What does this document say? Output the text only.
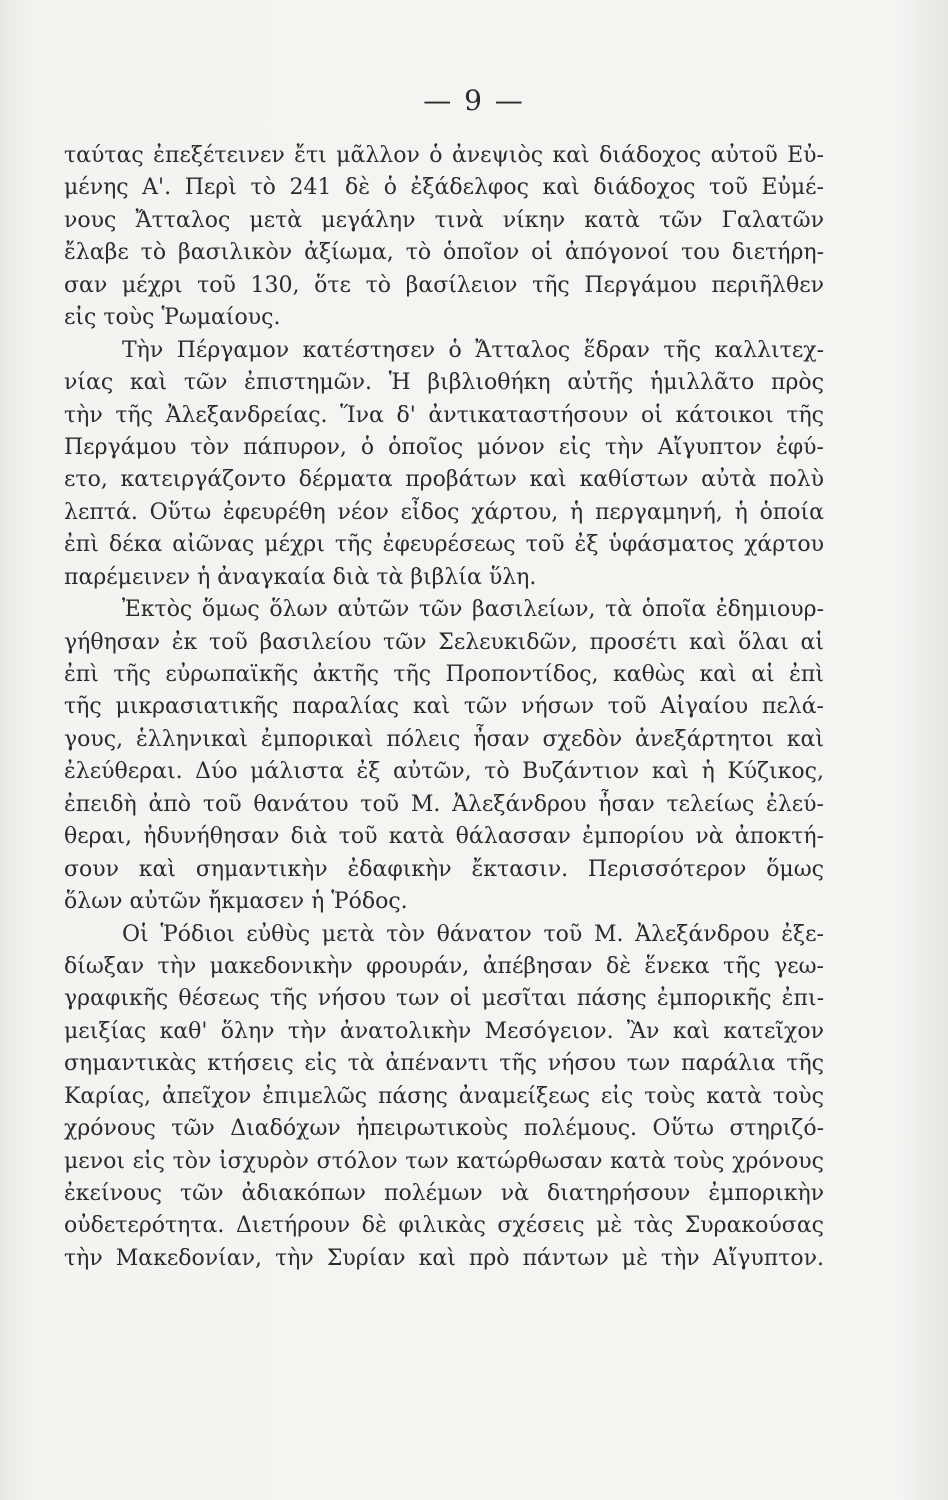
— 9 —
ταύτας ἐπεξέτεινεν ἔτι μᾶλλον ὁ ἀνεψιὸς καὶ διάδοχος αὐτοῦ Εὐ-
μένης Α'. Περὶ τὸ 241 δὲ ὁ ἐξάδελφος καὶ διάδοχος τοῦ Εὐμέ-
νους Ἄτταλος μετὰ μεγάλην τινὰ νίκην κατὰ τῶν Γαλατῶν
ἔλαβε τὸ βασιλικὸν ἀξίωμα, τὸ ὁποῖον οἱ ἀπόγονοί του διετήρη-
σαν μέχρι τοῦ 130, ὅτε τὸ βασίλειον τῆς Περγάμου περιῆλθεν
εἰς τοὺς Ῥωμαίους.
Τὴν Πέργαμον κατέστησεν ὁ Ἄτταλος ἕδραν τῆς καλλιτεχ-
νίας καὶ τῶν ἐπιστημῶν. Ἡ βιβλιοθήκη αὐτῆς ἡμιλλᾶτο πρὸς
τὴν τῆς Ἀλεξανδρείας. Ἵνα δ' ἀντικαταστήσουν οἱ κάτοικοι τῆς
Περγάμου τὸν πάπυρον, ὁ ὁποῖος μόνον εἰς τὴν Αἴγυπτον ἐφύ-
ετο, κατειργάζοντο δέρματα προβάτων καὶ καθίστων αὐτὰ πολὺ
λεπτά. Οὕτω ἐφευρέθη νέον εἶδος χάρτου, ἡ περγαμηνή, ἡ ὁποία
ἐπὶ δέκα αἰῶνας μέχρι τῆς ἐφευρέσεως τοῦ ἐξ ὑφάσματος χάρτου
παρέμεινεν ἡ ἀναγκαία διὰ τὰ βιβλία ὕλη.
Ἐκτὸς ὅμως ὅλων αὐτῶν τῶν βασιλείων, τὰ ὁποῖα ἐδημιουρ-
γήθησαν ἐκ τοῦ βασιλείου τῶν Σελευκιδῶν, προσέτι καὶ ὅλαι αἱ
ἐπὶ τῆς εὐρωπαϊκῆς ἀκτῆς τῆς Προποντίδος, καθὼς καὶ αἱ ἐπὶ
τῆς μικρασιατικῆς παραλίας καὶ τῶν νήσων τοῦ Αἰγαίου πελά-
γους, ἑλληνικαὶ ἐμπορικαὶ πόλεις ἦσαν σχεδὸν ἀνεξάρτητοι καὶ
ἐλεύθεραι. Δύο μάλιστα ἐξ αὐτῶν, τὸ Βυζάντιον καὶ ἡ Κύζικος,
ἐπειδὴ ἀπὸ τοῦ θανάτου τοῦ Μ. Ἀλεξάνδρου ἦσαν τελείως ἐλεύ-
θεραι, ἠδυνήθησαν διὰ τοῦ κατὰ θάλασσαν ἐμπορίου νὰ ἀποκτή-
σουν καὶ σημαντικὴν ἐδαφικὴν ἔκτασιν. Περισσότερον ὅμως
ὅλων αὐτῶν ἤκμασεν ἡ Ῥόδος.
Οἱ Ῥόδιοι εὐθὺς μετὰ τὸν θάνατον τοῦ Μ. Ἀλεξάνδρου ἐξε-
δίωξαν τὴν μακεδονικὴν φρουράν, ἀπέβησαν δὲ ἕνεκα τῆς γεω-
γραφικῆς θέσεως τῆς νήσου των οἱ μεσῖται πάσης ἐμπορικῆς ἐπι-
μειξίας καθ' ὅλην τὴν ἀνατολικὴν Μεσόγειον. Ἂν καὶ κατεῖχον
σημαντικὰς κτήσεις εἰς τὰ ἀπέναντι τῆς νήσου των παράλια τῆς
Καρίας, ἀπεῖχον ἐπιμελῶς πάσης ἀναμείξεως εἰς τοὺς κατὰ τοὺς
χρόνους τῶν Διαδόχων ἠπειρωτικοὺς πολέμους. Οὕτω στηριζό-
μενοι εἰς τὸν ἰσχυρὸν στόλον των κατώρθωσαν κατὰ τοὺς χρόνους
ἐκείνους τῶν ἀδιακόπων πολέμων νὰ διατηρήσουν ἐμπορικὴν
οὐδετερότητα. Διετήρουν δὲ φιλικὰς σχέσεις μὲ τὰς Συρακούσας
τὴν Μακεδονίαν, τὴν Συρίαν καὶ πρὸ πάντων μὲ τὴν Αἴγυπτον.
